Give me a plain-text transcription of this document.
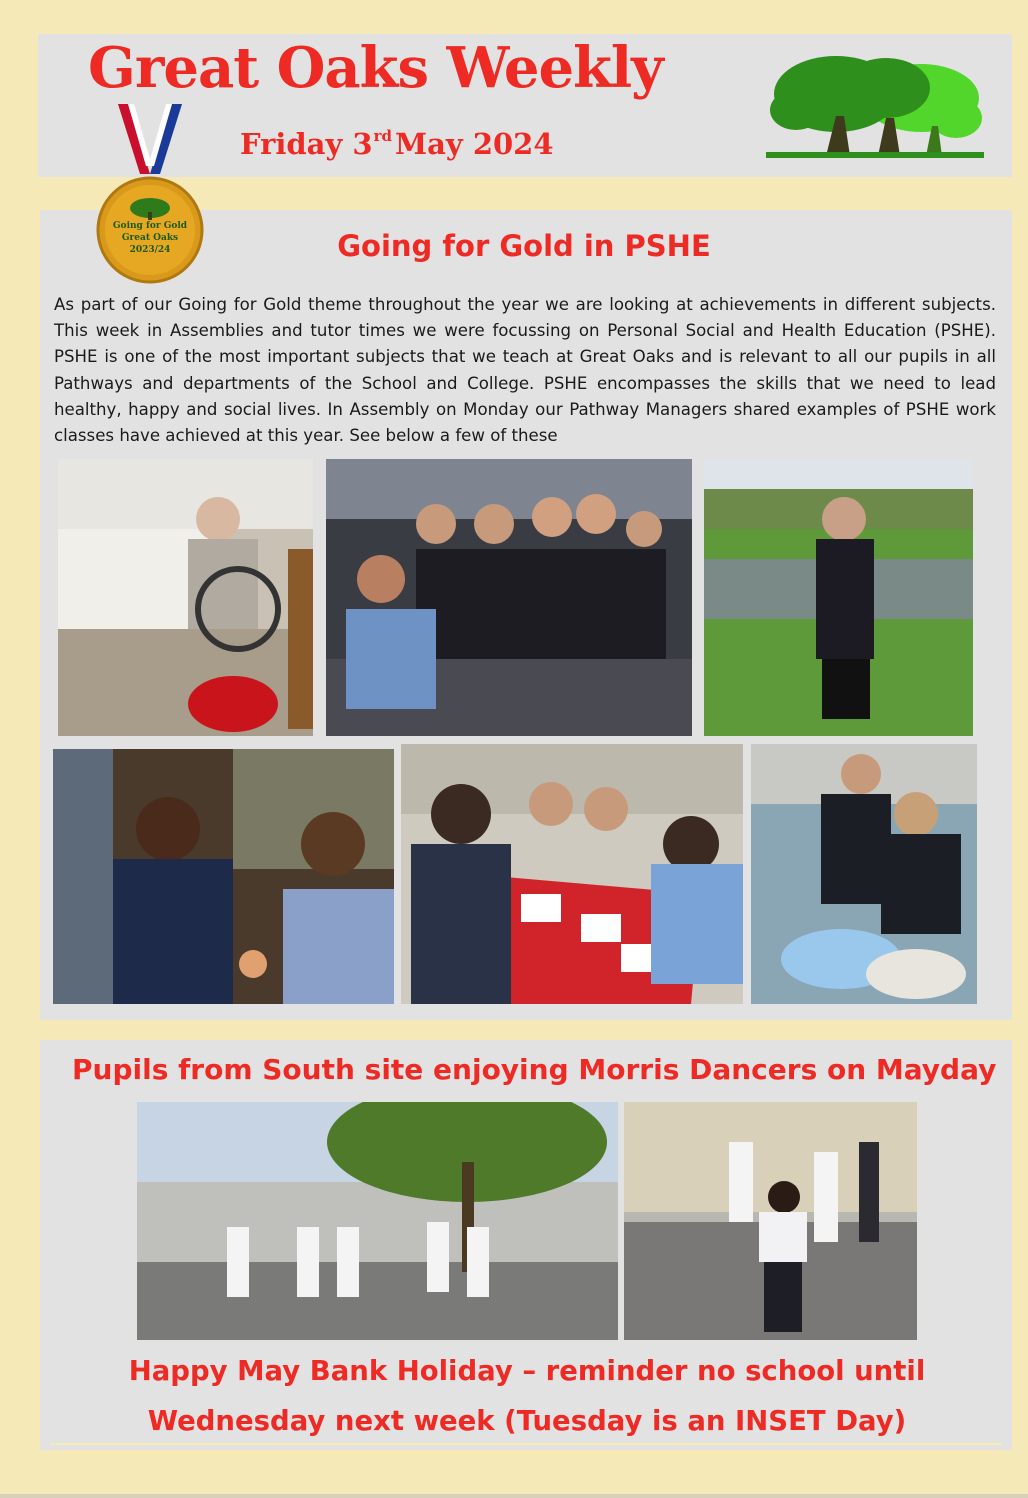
Great Oaks Weekly
Friday 3rd May 2024
Going for Gold
Great Oaks
2023/24	Going for Gold in PSHE

As part of our Going for Gold theme throughout the year we are looking at achievements in different subjects. This week in Assemblies and tutor times we were focussing on Personal Social and Health Education (PSHE). PSHE is one of the most important subjects that we teach at Great Oaks and is relevant to all our pupils in all Pathways and departments of the School and College. PSHE encompasses the skills that we need to lead healthy, happy and social lives. In Assembly on Monday our Pathway Managers shared examples of PSHE work classes have achieved at this year. See below a few of these

Pupils from South site enjoying Morris Dancers on Mayday
Happy May Bank Holiday – reminder no school until
Wednesday next week (Tuesday is an INSET Day)
